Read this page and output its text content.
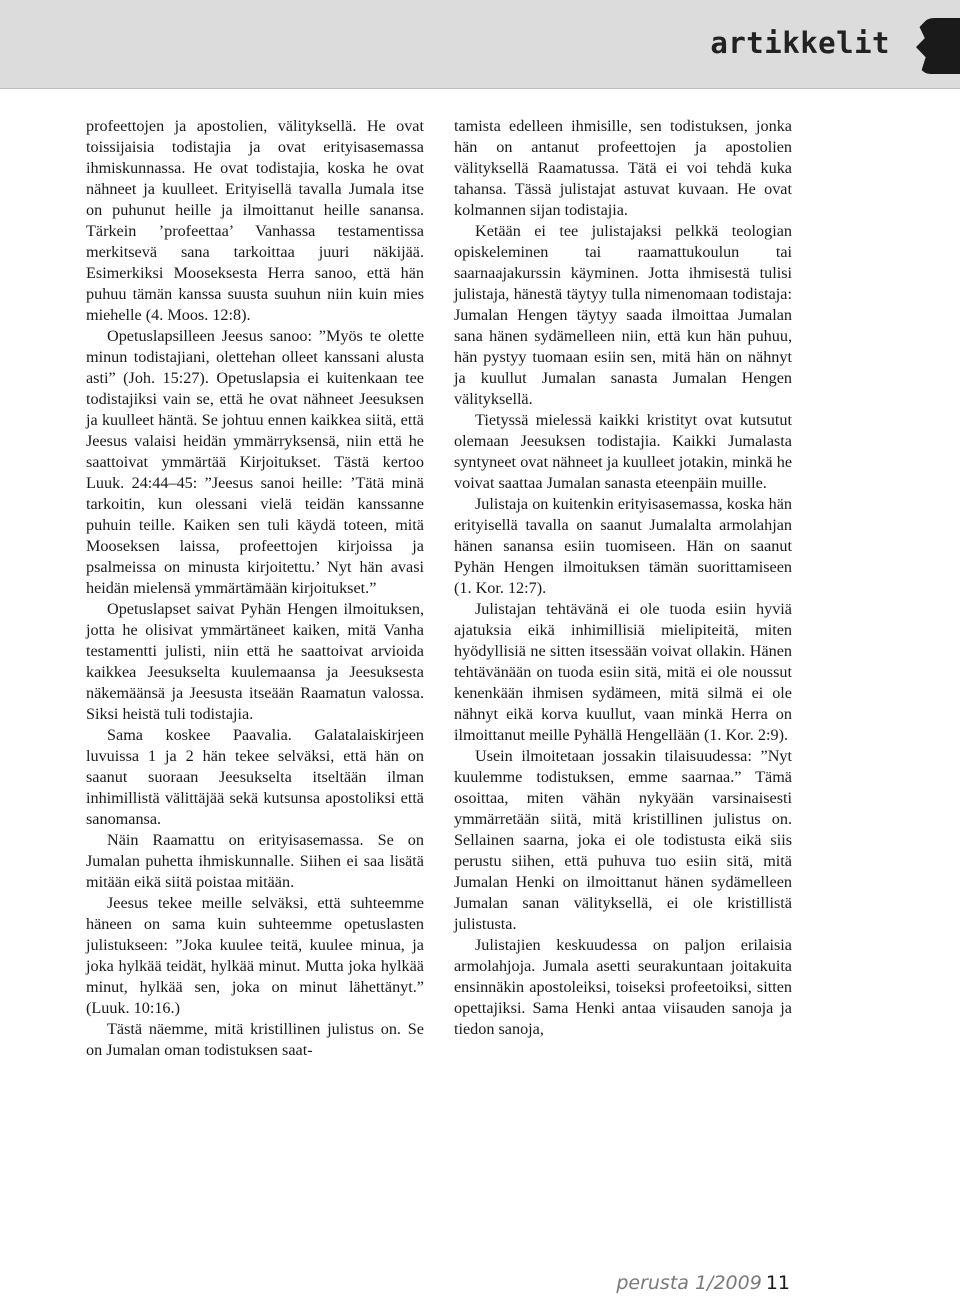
artikkelit

profeettojen ja apostolien, välityksellä. He ovat toissijaisia todistajia ja ovat erityisasemassa ihmiskunnassa. He ovat todistajia, koska he ovat nähneet ja kuulleet. Erityisellä tavalla Jumala itse on puhunut heille ja ilmoittanut heille sanansa. Tärkein ’profeettaa’ Vanhassa testamentissa merkitsevä sana tarkoittaa juuri näkijää. Esimerkiksi Mooseksesta Herra sanoo, että hän puhuu tämän kanssa suusta suuhun niin kuin mies miehelle (4. Moos. 12:8).

Opetuslapsilleen Jeesus sanoo: ”Myös te olette minun todistajiani, olettehan olleet kanssani alusta asti” (Joh. 15:27). Opetuslapsia ei kuitenkaan tee todistajiksi vain se, että he ovat nähneet Jeesuksen ja kuulleet häntä. Se johtuu ennen kaikkea siitä, että Jeesus valaisi heidän ymmärryksensä, niin että he saattoivat ymmärtää Kirjoitukset. Tästä kertoo Luuk. 24:44–45: ”Jeesus sanoi heille: ’Tätä minä tarkoitin, kun olessani vielä teidän kanssanne puhuin teille. Kaiken sen tuli käydä toteen, mitä Mooseksen laissa, profeettojen kirjoissa ja psalmeissa on minusta kirjoitettu.’ Nyt hän avasi heidän mielensä ymmärtämään kirjoitukset.”

Opetuslapset saivat Pyhän Hengen ilmoituksen, jotta he olisivat ymmärtäneet kaiken, mitä Vanha testamentti julisti, niin että he saattoivat arvioida kaikkea Jeesukselta kuulemaansa ja Jeesuksesta näkemäänsä ja Jeesusta itseään Raamatun valossa. Siksi heistä tuli todistajia.

Sama koskee Paavalia. Galatalaiskirjeen luvuissa 1 ja 2 hän tekee selväksi, että hän on saanut suoraan Jeesukselta itseltään ilman inhimillistä välittäjää sekä kutsunsa apostoliksi että sanomansa.

Näin Raamattu on erityisasemassa. Se on Jumalan puhetta ihmiskunnalle. Siihen ei saa lisätä mitään eikä siitä poistaa mitään.

Jeesus tekee meille selväksi, että suhteemme häneen on sama kuin suhteemme opetuslasten julistukseen: ”Joka kuulee teitä, kuulee minua, ja joka hylkää teidät, hylkää minut. Mutta joka hylkää minut, hylkää sen, joka on minut lähettänyt.” (Luuk. 10:16.)

Tästä näemme, mitä kristillinen julistus on. Se on Jumalan oman todistuksen saat-

tamista edelleen ihmisille, sen todistuksen, jonka hän on antanut profeettojen ja apostolien välityksellä Raamatussa. Tätä ei voi tehdä kuka tahansa. Tässä julistajat astuvat kuvaan. He ovat kolmannen sijan todistajia.

Ketään ei tee julistajaksi pelkkä teologian opiskeleminen tai raamattukoulun tai saarnaajakurssin käyminen. Jotta ihmisestä tulisi julistaja, hänestä täytyy tulla nimenomaan todistaja: Jumalan Hengen täytyy saada ilmoittaa Jumalan sana hänen sydämelleen niin, että kun hän puhuu, hän pystyy tuomaan esiin sen, mitä hän on nähnyt ja kuullut Jumalan sanasta Jumalan Hengen välityksellä.

Tietyssä mielessä kaikki kristityt ovat kutsutut olemaan Jeesuksen todistajia. Kaikki Jumalasta syntyneet ovat nähneet ja kuulleet jotakin, minkä he voivat saattaa Jumalan sanasta eteenpäin muille.

Julistaja on kuitenkin erityisasemassa, koska hän erityisellä tavalla on saanut Jumalalta armolahjan hänen sanansa esiin tuomiseen. Hän on saanut Pyhän Hengen ilmoituksen tämän suorittamiseen (1. Kor. 12:7).

Julistajan tehtävänä ei ole tuoda esiin hyviä ajatuksia eikä inhimillisiä mielipiteitä, miten hyödyllisiä ne sitten itsessään voivat ollakin. Hänen tehtävänään on tuoda esiin sitä, mitä ei ole noussut kenenkään ihmisen sydämeen, mitä silmä ei ole nähnyt eikä korva kuullut, vaan minkä Herra on ilmoittanut meille Pyhällä Hengellään (1. Kor. 2:9).

Usein ilmoitetaan jossakin tilaisuudessa: ”Nyt kuulemme todistuksen, emme saarnaa.” Tämä osoittaa, miten vähän nykyään varsinaisesti ymmärretään siitä, mitä kristillinen julistus on. Sellainen saarna, joka ei ole todistusta eikä siis perustu siihen, että puhuva tuo esiin sitä, mitä Jumalan Henki on ilmoittanut hänen sydämelleen Jumalan sanan välityksellä, ei ole kristillistä julistusta.

Julistajien keskuudessa on paljon erilaisia armolahjoja. Jumala asetti seurakuntaan joitakuita ensinnäkin apostoleiksi, toiseksi profeetoiksi, sitten opettajiksi. Sama Henki antaa viisauden sanoja ja tiedon sanoja,

perusta 1/2009 11
